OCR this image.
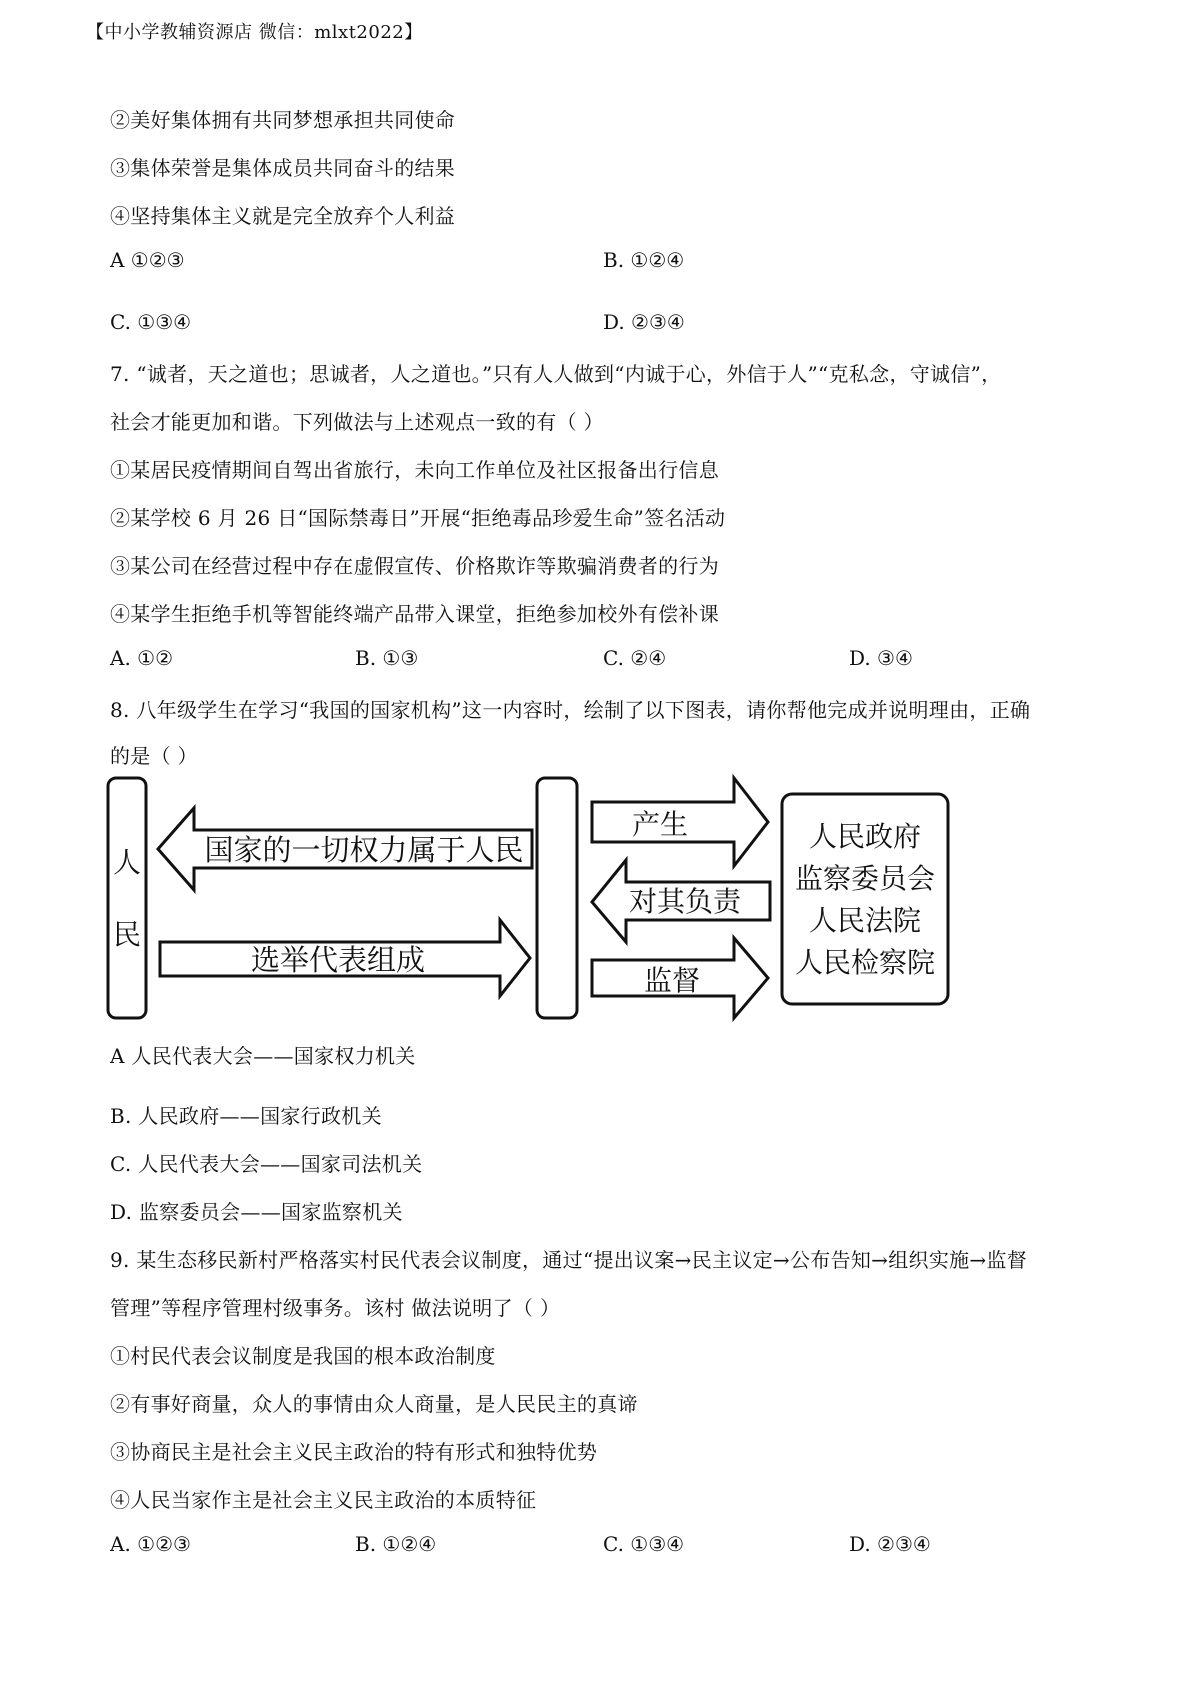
【中小学教辅资源店 微信：mlxt2022】
②美好集体拥有共同梦想承担共同使命
③集体荣誉是集体成员共同奋斗的结果
④坚持集体主义就是完全放弃个人利益
A ①②③	B. ①②④
C. ①③④	D. ②③④
7. “诚者，天之道也；思诚者，人之道也。”只有人人做到“内诚于心，外信于人”“克私念，守诚信”，
社会才能更加和谐。下列做法与上述观点一致的有（ ）
①某居民疫情期间自驾出省旅行，未向工作单位及社区报备出行信息
②某学校 6 月 26 日“国际禁毒日”开展“拒绝毒品珍爱生命”签名活动
③某公司在经营过程中存在虚假宣传、价格欺诈等欺骗消费者的行为
④某学生拒绝手机等智能终端产品带入课堂，拒绝参加校外有偿补课
A. ①②	B. ①③	C. ②④	D. ③④
8. 八年级学生在学习“我国的国家机构”这一内容时，绘制了以下图表，请你帮他完成并说明理由，正确
的是（ ）
人
民
国家的一切权力属于人民
选举代表组成
产生
对其负责
监督
人民政府
监察委员会
人民法院
人民检察院
A 人民代表大会——国家权力机关
B. 人民政府——国家行政机关
C. 人民代表大会——国家司法机关
D. 监察委员会——国家监察机关
9. 某生态移民新村严格落实村民代表会议制度，通过“提出议案→民主议定→公布告知→组织实施→监督
管理”等程序管理村级事务。该村 做法说明了（ ）
①村民代表会议制度是我国的根本政治制度
②有事好商量，众人的事情由众人商量，是人民民主的真谛
③协商民主是社会主义民主政治的特有形式和独特优势
④人民当家作主是社会主义民主政治的本质特征
A. ①②③	B. ①②④	C. ①③④	D. ②③④
